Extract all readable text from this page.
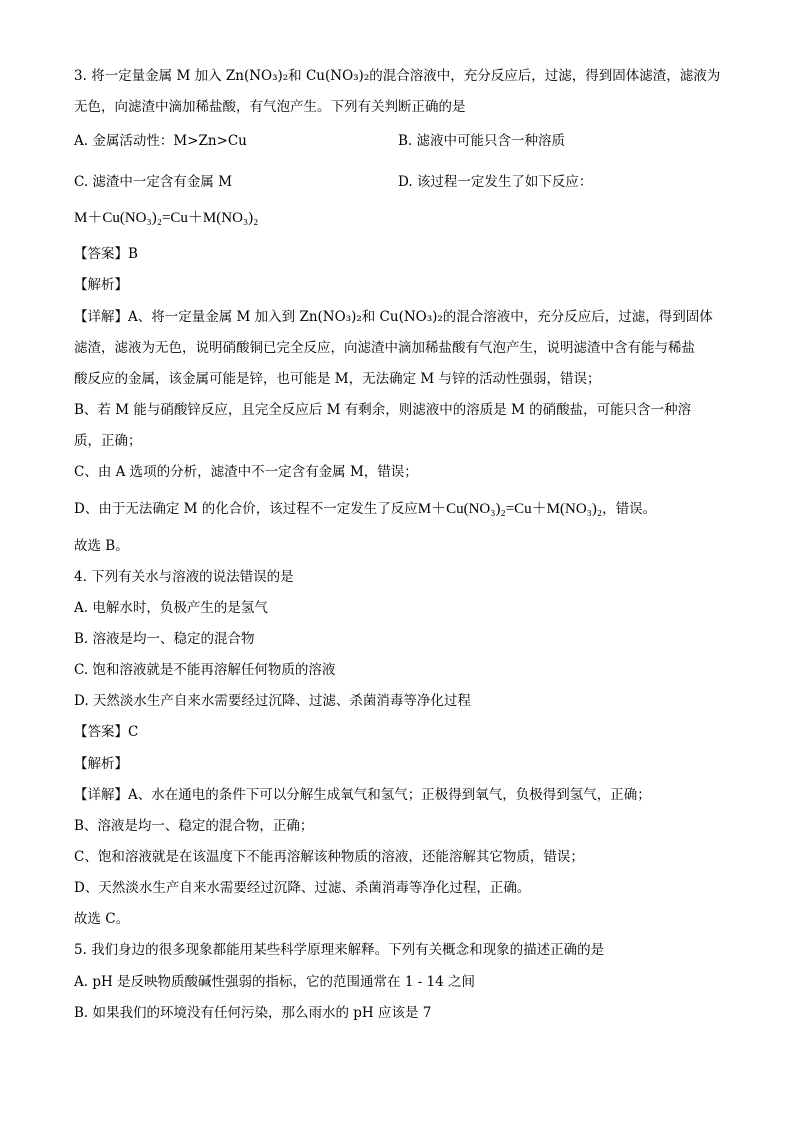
3. 将一定量金属 M 加入 Zn(NO₃)₂和 Cu(NO₃)₂的混合溶液中，充分反应后，过滤，得到固体滤渣，滤液为
无色，向滤渣中滴加稀盐酸，有气泡产生。下列有关判断正确的是
A. 金属活动性：M>Zn>Cu	B. 滤液中可能只含一种溶质
C. 滤渣中一定含有金属 M	D. 该过程一定发生了如下反应：
M＋Cu(NO₃)₂=Cu＋M(NO₃)₂
【答案】B
【解析】
【详解】A、将一定量金属 M 加入到 Zn(NO₃)₂和 Cu(NO₃)₂的混合溶液中，充分反应后，过滤，得到固体
滤渣，滤液为无色，说明硝酸铜已完全反应，向滤渣中滴加稀盐酸有气泡产生，说明滤渣中含有能与稀盐
酸反应的金属，该金属可能是锌，也可能是 M，无法确定 M 与锌的活动性强弱，错误；
B、若 M 能与硝酸锌反应，且完全反应后 M 有剩余，则滤液中的溶质是 M 的硝酸盐，可能只含一种溶
质，正确；
C、由 A 选项的分析，滤渣中不一定含有金属 M，错误；
D、由于无法确定 M 的化合价，该过程不一定发生了反应M＋Cu(NO₃)₂=Cu＋M(NO₃)₂，错误。
故选 B。
4. 下列有关水与溶液的说法错误的是
A. 电解水时，负极产生的是氢气
B. 溶液是均一、稳定的混合物
C. 饱和溶液就是不能再溶解任何物质的溶液
D. 天然淡水生产自来水需要经过沉降、过滤、杀菌消毒等净化过程
【答案】C
【解析】
【详解】A、水在通电的条件下可以分解生成氧气和氢气；正极得到氧气，负极得到氢气，正确；
B、溶液是均一、稳定的混合物，正确；
C、饱和溶液就是在该温度下不能再溶解该种物质的溶液，还能溶解其它物质，错误；
D、天然淡水生产自来水需要经过沉降、过滤、杀菌消毒等净化过程，正确。
故选 C。
5. 我们身边的很多现象都能用某些科学原理来解释。下列有关概念和现象的描述正确的是
A. pH 是反映物质酸碱性强弱的指标，它的范围通常在 1 - 14 之间
B. 如果我们的环境没有任何污染，那么雨水的 pH 应该是 7
